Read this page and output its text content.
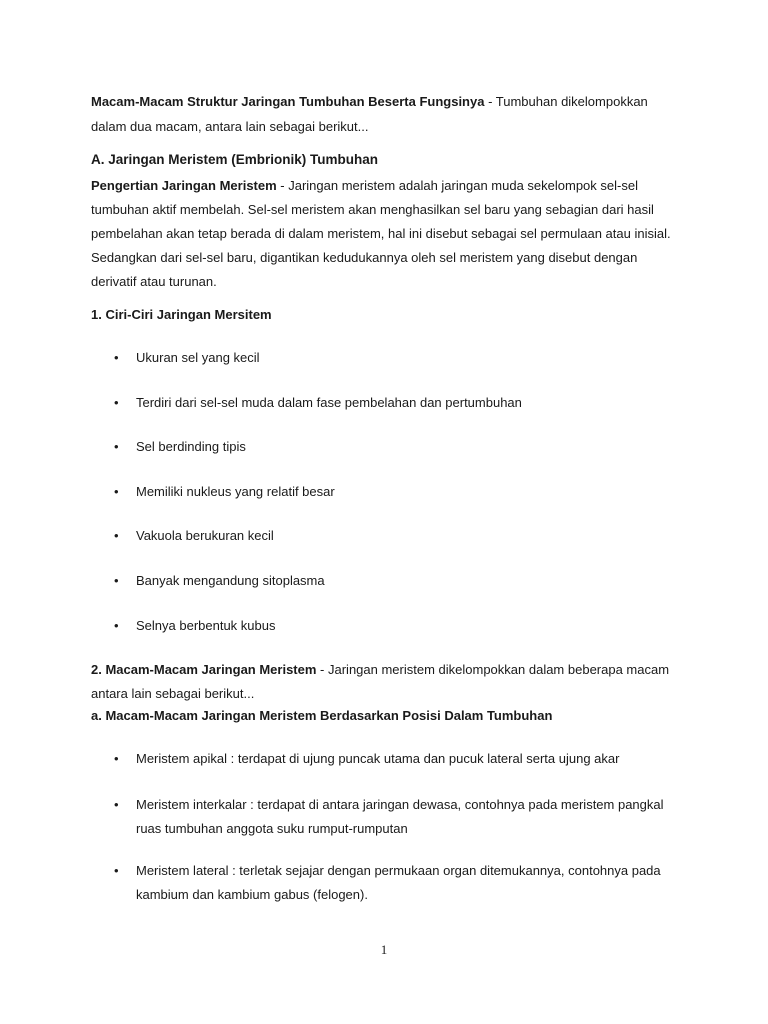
Macam-Macam Struktur Jaringan Tumbuhan Beserta Fungsinya - Tumbuhan dikelompokkan dalam dua macam, antara lain sebagai berikut...
A. Jaringan Meristem (Embrionik) Tumbuhan
Pengertian Jaringan Meristem - Jaringan meristem adalah jaringan muda sekelompok sel-sel tumbuhan aktif membelah. Sel-sel meristem akan menghasilkan sel baru yang sebagian dari hasil pembelahan akan tetap berada di dalam meristem, hal ini disebut sebagai sel permulaan atau inisial. Sedangkan dari sel-sel baru, digantikan kedudukannya oleh sel meristem yang disebut dengan derivatif atau turunan.
1. Ciri-Ciri Jaringan Mersitem
• Ukuran sel yang kecil
• Terdiri dari sel-sel muda dalam fase pembelahan dan pertumbuhan
• Sel berdinding tipis
• Memiliki nukleus yang relatif besar
• Vakuola berukuran kecil
• Banyak mengandung sitoplasma
• Selnya berbentuk kubus
2. Macam-Macam Jaringan Meristem - Jaringan meristem dikelompokkan dalam beberapa macam antara lain sebagai berikut...
a. Macam-Macam Jaringan Meristem Berdasarkan Posisi Dalam Tumbuhan
• Meristem apikal : terdapat di ujung puncak utama dan pucuk lateral serta ujung akar
• Meristem interkalar : terdapat di antara jaringan dewasa, contohnya pada meristem pangkal ruas tumbuhan anggota suku rumput-rumputan
• Meristem lateral : terletak sejajar dengan permukaan organ ditemukannya, contohnya pada kambium dan kambium gabus (felogen).
1
